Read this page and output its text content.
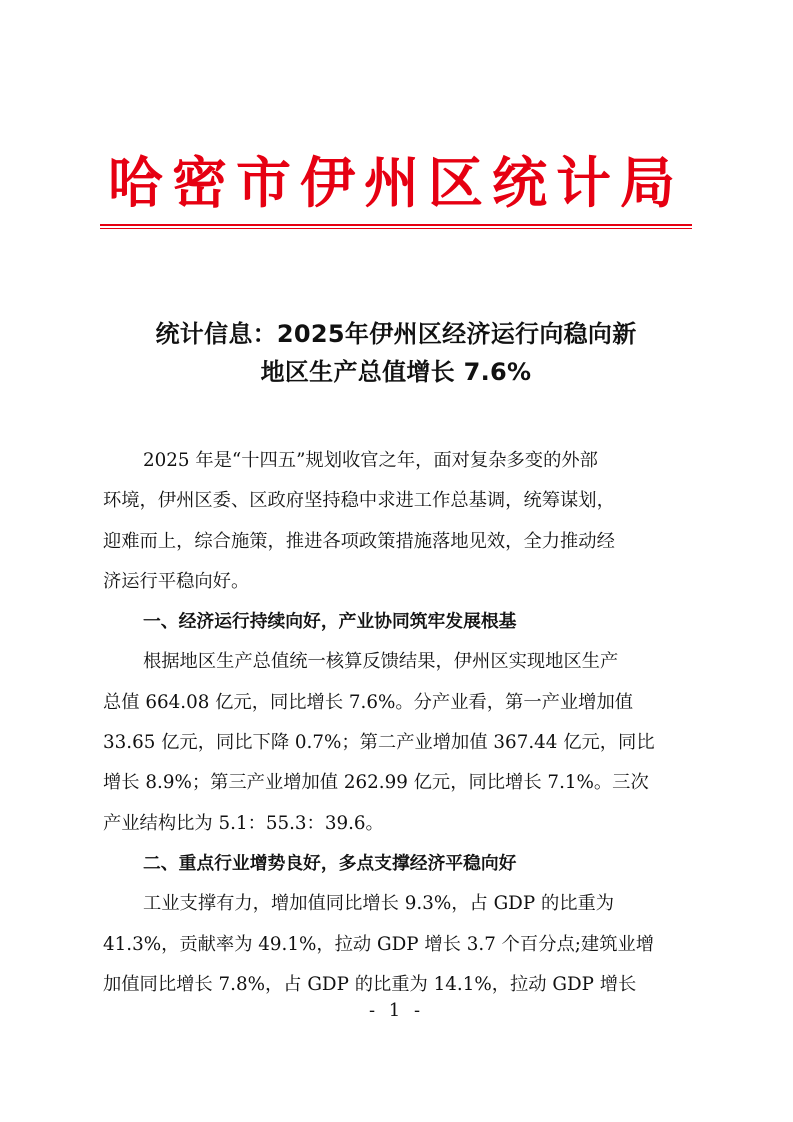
哈密市伊州区统计局
统计信息：2025年伊州区经济运行向稳向新
地区生产总值增长 7.6%
2025 年是“十四五”规划收官之年，面对复杂多变的外部
环境，伊州区委、区政府坚持稳中求进工作总基调，统筹谋划，
迎难而上，综合施策，推进各项政策措施落地见效，全力推动经
济运行平稳向好。
一、经济运行持续向好，产业协同筑牢发展根基
根据地区生产总值统一核算反馈结果，伊州区实现地区生产
总值 664.08 亿元，同比增长 7.6%。分产业看，第一产业增加值
33.65 亿元，同比下降 0.7%；第二产业增加值 367.44 亿元，同比
增长 8.9%；第三产业增加值 262.99 亿元，同比增长 7.1%。三次
产业结构比为 5.1：55.3：39.6。
二、重点行业增势良好，多点支撑经济平稳向好
工业支撑有力，增加值同比增长 9.3%，占 GDP 的比重为
41.3%，贡献率为 49.1%，拉动 GDP 增长 3.7 个百分点;建筑业增
加值同比增长 7.8%，占 GDP 的比重为 14.1%，拉动 GDP 增长
- 1 -
